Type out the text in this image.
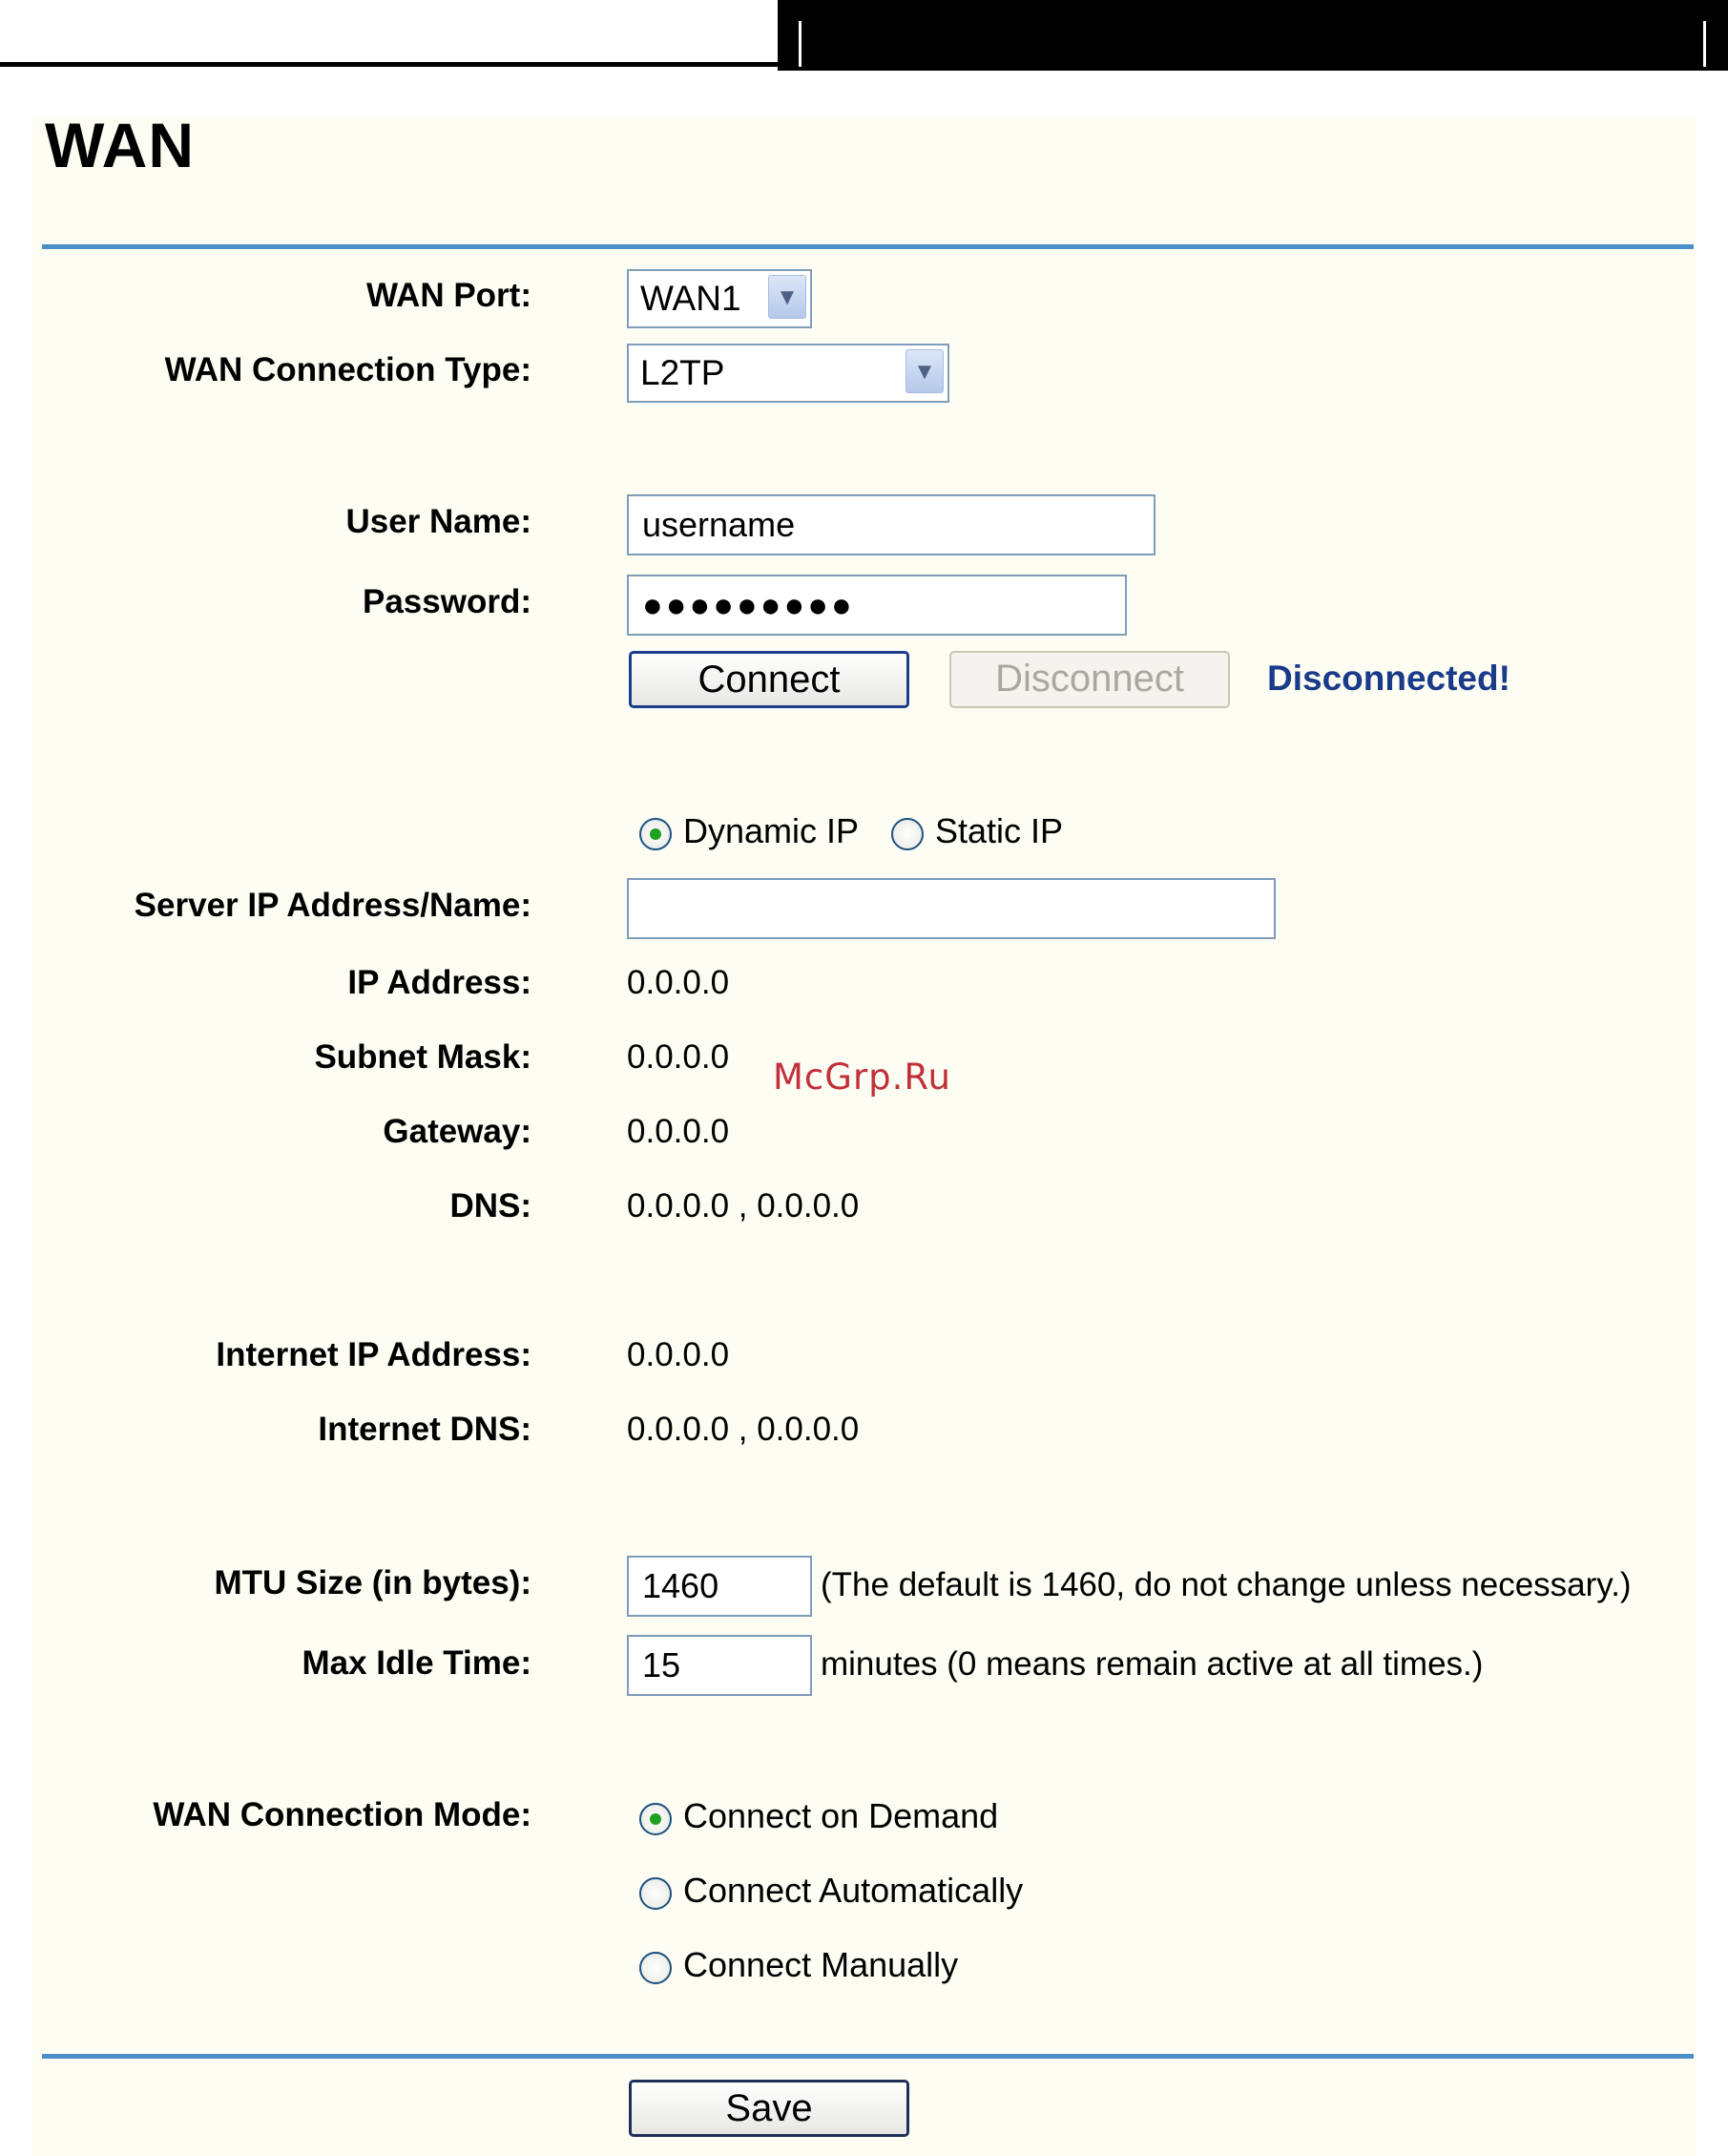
WAN
WAN Port:	WAN1	▼
WAN Connection Type:	L2TP	▼
User Name:	username
Password:	●●●●●●●●●
Connect	Disconnect	Disconnected!
Dynamic IP Static IP
Server IP Address/Name:
IP Address:	0.0.0.0
Subnet Mask:	0.0.0.0
Gateway:	0.0.0.0
DNS:	0.0.0.0 , 0.0.0.0
Internet IP Address:	0.0.0.0
Internet DNS:	0.0.0.0 , 0.0.0.0
MTU Size (in bytes):	1460	(The default is 1460, do not change unless necessary.)
Max Idle Time:	15	minutes (0 means remain active at all times.)
WAN Connection Mode:	Connect on Demand
Connect Automatically
Connect Manually
Save
McGrp.Ru
